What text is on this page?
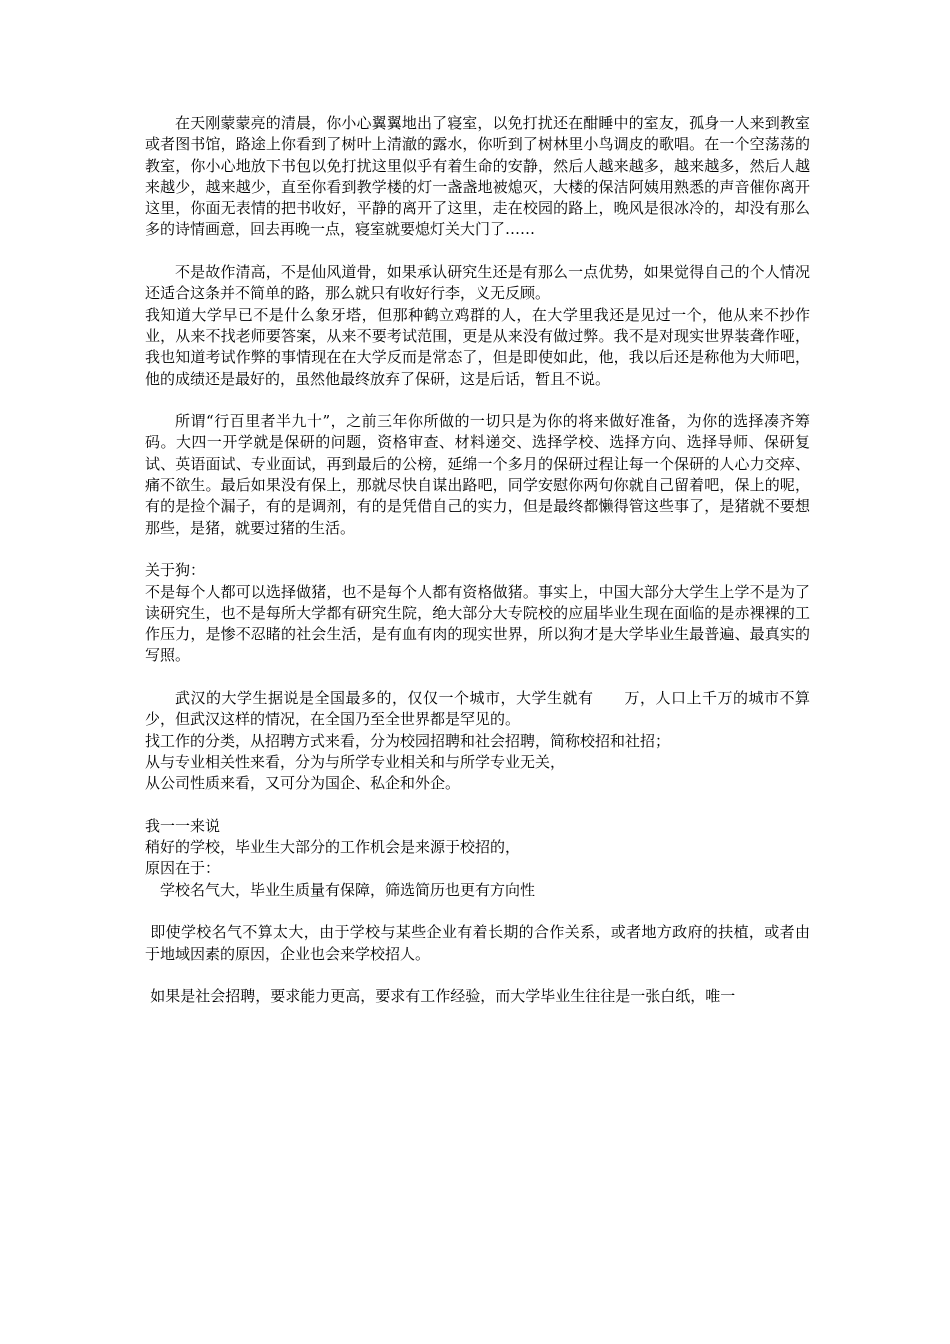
在天刚蒙蒙亮的清晨，你小心翼翼地出了寝室，以免打扰还在酣睡中的室友，孤身一人来到教室或者图书馆，路途上你看到了树叶上清澈的露水，你听到了树林里小鸟调皮的歌唱。在一个空荡荡的教室，你小心地放下书包以免打扰这里似乎有着生命的安静，然后人越来越多，越来越多，然后人越来越少，越来越少，直至你看到教学楼的灯一盏盏地被熄灭，大楼的保洁阿姨用熟悉的声音催你离开这里，你面无表情的把书收好，平静的离开了这里，走在校园的路上，晚风是很冰冷的，却没有那么多的诗情画意，回去再晚一点，寝室就要熄灯关大门了……

不是故作清高，不是仙风道骨，如果承认研究生还是有那么一点优势，如果觉得自己的个人情况还适合这条并不简单的路，那么就只有收好行李，义无反顾。

我知道大学早已不是什么象牙塔，但那种鹤立鸡群的人，在大学里我还是见过一个，他从来不抄作业，从来不找老师要答案，从来不要考试范围，更是从来没有做过弊。我不是对现实世界装聋作哑，我也知道考试作弊的事情现在在大学反而是常态了，但是即使如此，他，我以后还是称他为大师吧，他的成绩还是最好的，虽然他最终放弃了保研，这是后话，暂且不说。

所谓“行百里者半九十”，之前三年你所做的一切只是为你的将来做好准备，为你的选择凑齐筹码。大四一开学就是保研的问题，资格审查、材料递交、选择学校、选择方向、选择导师、保研复试、英语面试、专业面试，再到最后的公榜，延绵一个多月的保研过程让每一个保研的人心力交瘁、痛不欲生。最后如果没有保上，那就尽快自谋出路吧，同学安慰你两句你就自己留着吧，保上的呢，有的是捡个漏子，有的是调剂，有的是凭借自己的实力，但是最终都懒得管这些事了，是猪就不要想那些，是猪，就要过猪的生活。

关于狗：

不是每个人都可以选择做猪，也不是每个人都有资格做猪。事实上，中国大部分大学生上学不是为了读研究生，也不是每所大学都有研究生院，绝大部分大专院校的应届毕业生现在面临的是赤裸裸的工作压力，是惨不忍睹的社会生活，是有血有肉的现实世界，所以狗才是大学毕业生最普遍、最真实的写照。

武汉的大学生据说是全国最多的，仅仅一个城市，大学生就有　　万，人口上千万的城市不算少，但武汉这样的情况，在全国乃至全世界都是罕见的。

找工作的分类，从招聘方式来看，分为校园招聘和社会招聘，简称校招和社招；

从与专业相关性来看，分为与所学专业相关和与所学专业无关，

从公司性质来看，又可分为国企、私企和外企。

我一一来说

稍好的学校，毕业生大部分的工作机会是来源于校招的，

原因在于：

学校名气大，毕业生质量有保障，筛选简历也更有方向性

即使学校名气不算太大，由于学校与某些企业有着长期的合作关系，或者地方政府的扶植，或者由于地域因素的原因，企业也会来学校招人。

如果是社会招聘，要求能力更高，要求有工作经验，而大学毕业生往往是一张白纸，唯一
